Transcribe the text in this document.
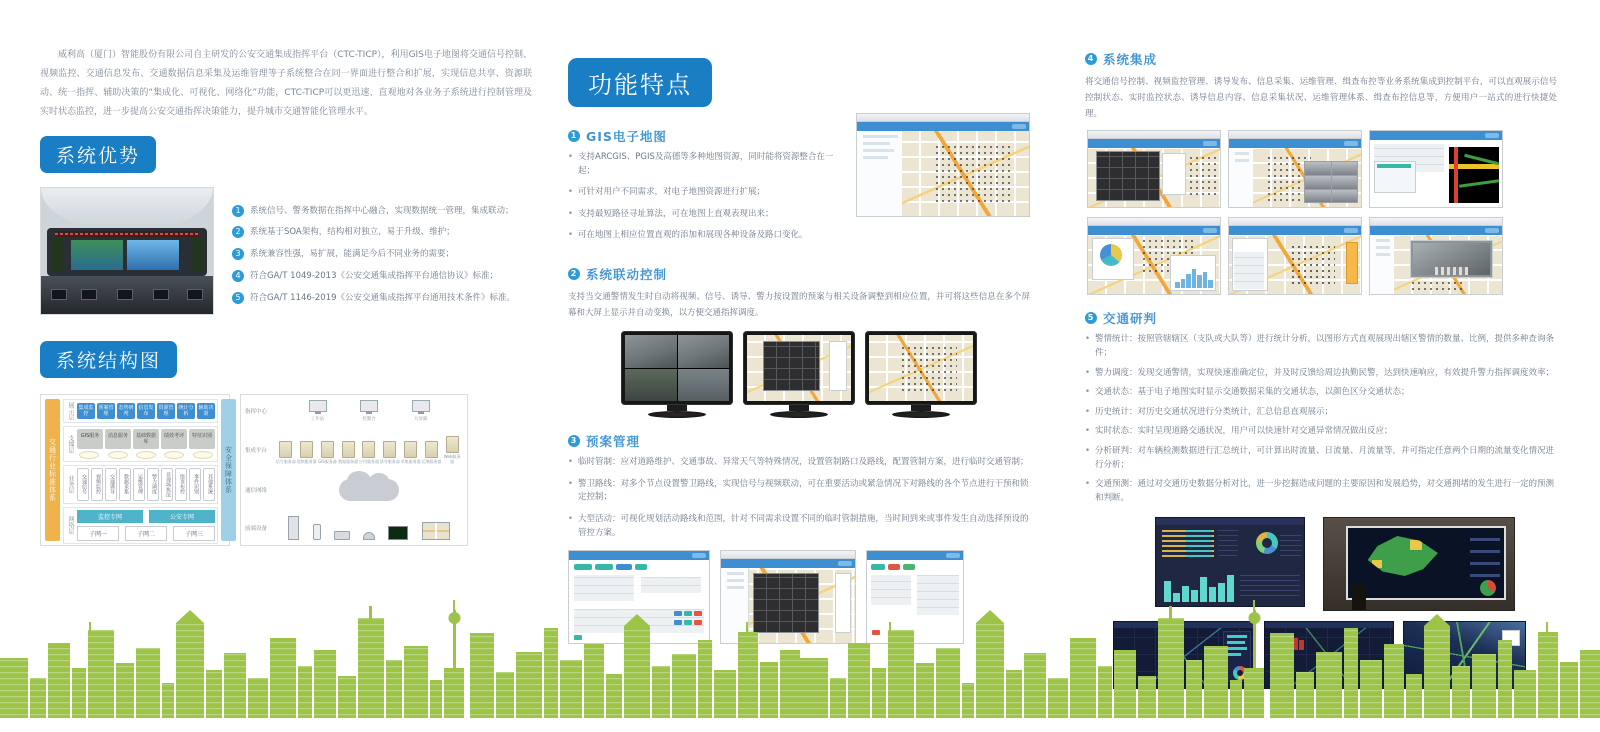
威利高（厦门）智能股份有限公司自主研发的公安交通集成指挥平台（CTC-TICP），利用GIS电子地图将交通信号控制、视频监控、交通信息发布、交通数据信息采集及运维管理等子系统整合在同一界面进行整合和扩展，实现信息共享、资源联动、统一指挥、辅助决策的“集成化、可视化、网络化”功能，CTC-TICP可以更迅速、直观地对各业务子系统进行控制管理及实时状态监控，进一步提高公安交通指挥决策能力，提升城市交通智能化管理水平。

系统优势
1	系统信号、警务数据在指挥中心融合，实现数据统一管理，集成联动；
2	系统基于SOA架构，结构相对独立，易于升级、维护；
3	系统兼容性强，易扩展，能满足今后不同业务的需要；
4	符合GA/T 1049-2013《公安交通集成指挥平台通信协议》标准；
5	符合GA/T 1146-2019《公安交通集成指挥平台通用技术条件》标准。
系统结构图
交通行业标准体系
展示层 集成监控
预案管理
态势研判
信息发布
资源管理
统计分析
辅助决策
支撑层	GIS服务	消息服务	基础数据库
绩效考评	特征识别
业务层	交通信号	视频监控	交通诱导	数据采集	运维管理	警力调度	非现场执法	缉查布控	事件识别	其他系统
网络层	监控专网	公安专网
子网一	子网二	子网三
安全保障体系
指挥中心
工作站	控制台	大屏幕
集成平台
信号服务器 视频服务器 GIS服务器 数据服务器 应用服务器 诱导服务器 采集服务器 运维服务器
Web服务器
通信网络
前端设备
功能特点
1 GIS电子地图
• 支持ARCGIS、PGIS及高德等多种地图资源，同时能将资源整合在一起；
• 可针对用户不同需求，对电子地图资源进行扩展；
• 支持最短路径寻址算法，可在地图上直观表现出来；
• 可在地图上相应位置直观的添加和展现各种设备及路口变化。
2 系统联动控制

支持当交通警情发生时自动将视频、信号、诱导、警力按设置的预案与相关设备调整到相应位置，并可将这些信息在多个屏幕和大屏上显示并自动变换，以方便交通指挥调度。

3 预案管理
• 临时管制：应对道路维护、交通事故、异常天气等特殊情况，设置管制路口及路线，配置管制方案，进行临时交通管制；
• 警卫路线：对多个节点设置警卫路线，实现信号与视频联动，可在重要活动或紧急情况下对路线的各个节点进行干预和锁定控制；
• 大型活动：可视化规划活动路线和范围，针对不同需求设置不同的临时管制措施，当时间到来或事件发生自动选择预设的管控方案。
4 系统集成

将交通信号控制、视频监控管理、诱导发布、信息采集、运维管理、缉查布控等业务系统集成到控制平台，可以直观展示信号控制状态、实时监控状态、诱导信息内容、信息采集状况、运维管理体系、缉查布控信息等，方便用户一站式的进行快捷处理。

5 交通研判
• 警情统计：按照管辖辖区（支队或大队等）进行统计分析，以图形方式直观展现出辖区警情的数量、比例，提供多种查询条件；
• 警力调度：发现交通警情，实现快速准确定位，并及时反馈给周边执勤民警，达到快速响应，有效提升警力指挥调度效率；
• 交通状态：基于电子地图实时显示交通数据采集的交通状态，以颜色区分交通状态；
• 历史统计：对历史交通状况进行分类统计，汇总信息直观展示；
• 实时状态：实时呈现道路交通状况，用户可以快速针对交通异常情况做出反应；
• 分析研判：对车辆检测数据进行汇总统计，可计算出时流量、日流量、月流量等，并可指定任意两个日期的流量变化情况进行分析；
• 交通预测：通过对交通历史数据分析对比，进一步挖掘造成问题的主要原因和发展趋势，对交通拥堵的发生进行一定的预测和判断。
